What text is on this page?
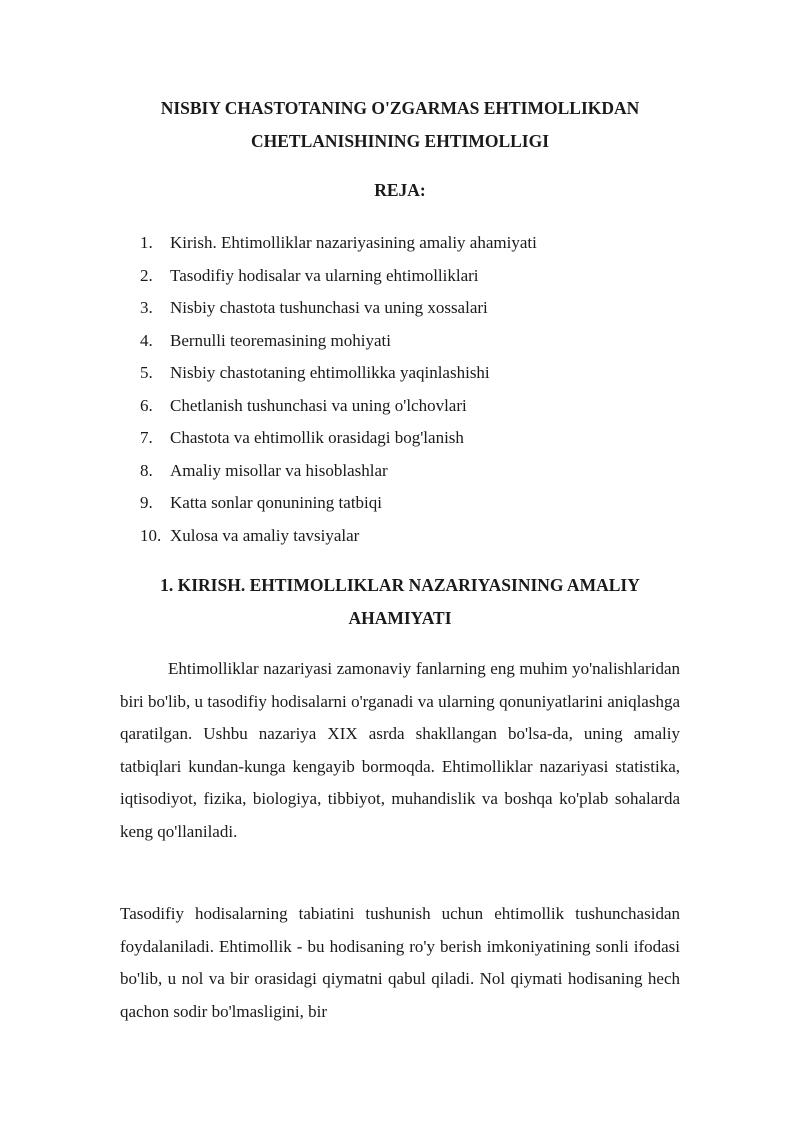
NISBIY CHASTOTANING O'ZGARMAS EHTIMOLLIKDAN CHETLANISHINING EHTIMOLLIGI
REJA:
1.	Kirish. Ehtimolliklar nazariyasining amaliy ahamiyati
2.	Tasodifiy hodisalar va ularning ehtimolliklari
3.	Nisbiy chastota tushunchasi va uning xossalari
4.	Bernulli teoremasining mohiyati
5.	Nisbiy chastotaning ehtimollikka yaqinlashishi
6.	Chetlanish tushunchasi va uning o'lchovlari
7.	Chastota va ehtimollik orasidagi bog'lanish
8.	Amaliy misollar va hisoblashlar
9.	Katta sonlar qonunining tatbiqi
10. Xulosa va amaliy tavsiyalar
1. KIRISH. EHTIMOLLIKLAR NAZARIYASINING AMALIY AHAMIYATI

Ehtimolliklar nazariyasi zamonaviy fanlarning eng muhim yo'nalishlaridan biri bo'lib, u tasodifiy hodisalarni o'rganadi va ularning qonuniyatlarini aniqlashga qaratilgan. Ushbu nazariya XIX asrda shakllangan bo'lsa-da, uning amaliy tatbiqlari kundan-kunga kengayib bormoqda. Ehtimolliklar nazariyasi statistika, iqtisodiyot, fizika, biologiya, tibbiyot, muhandislik va boshqa ko'plab sohalarda keng qo'llaniladi.

Tasodifiy hodisalarning tabiatini tushunish uchun ehtimollik tushunchasidan foydalaniladi. Ehtimollik - bu hodisaning ro'y berish imkoniyatining sonli ifodasi bo'lib, u nol va bir orasidagi qiymatni qabul qiladi. Nol qiymati hodisaning hech qachon sodir bo'lmasligini, bir
